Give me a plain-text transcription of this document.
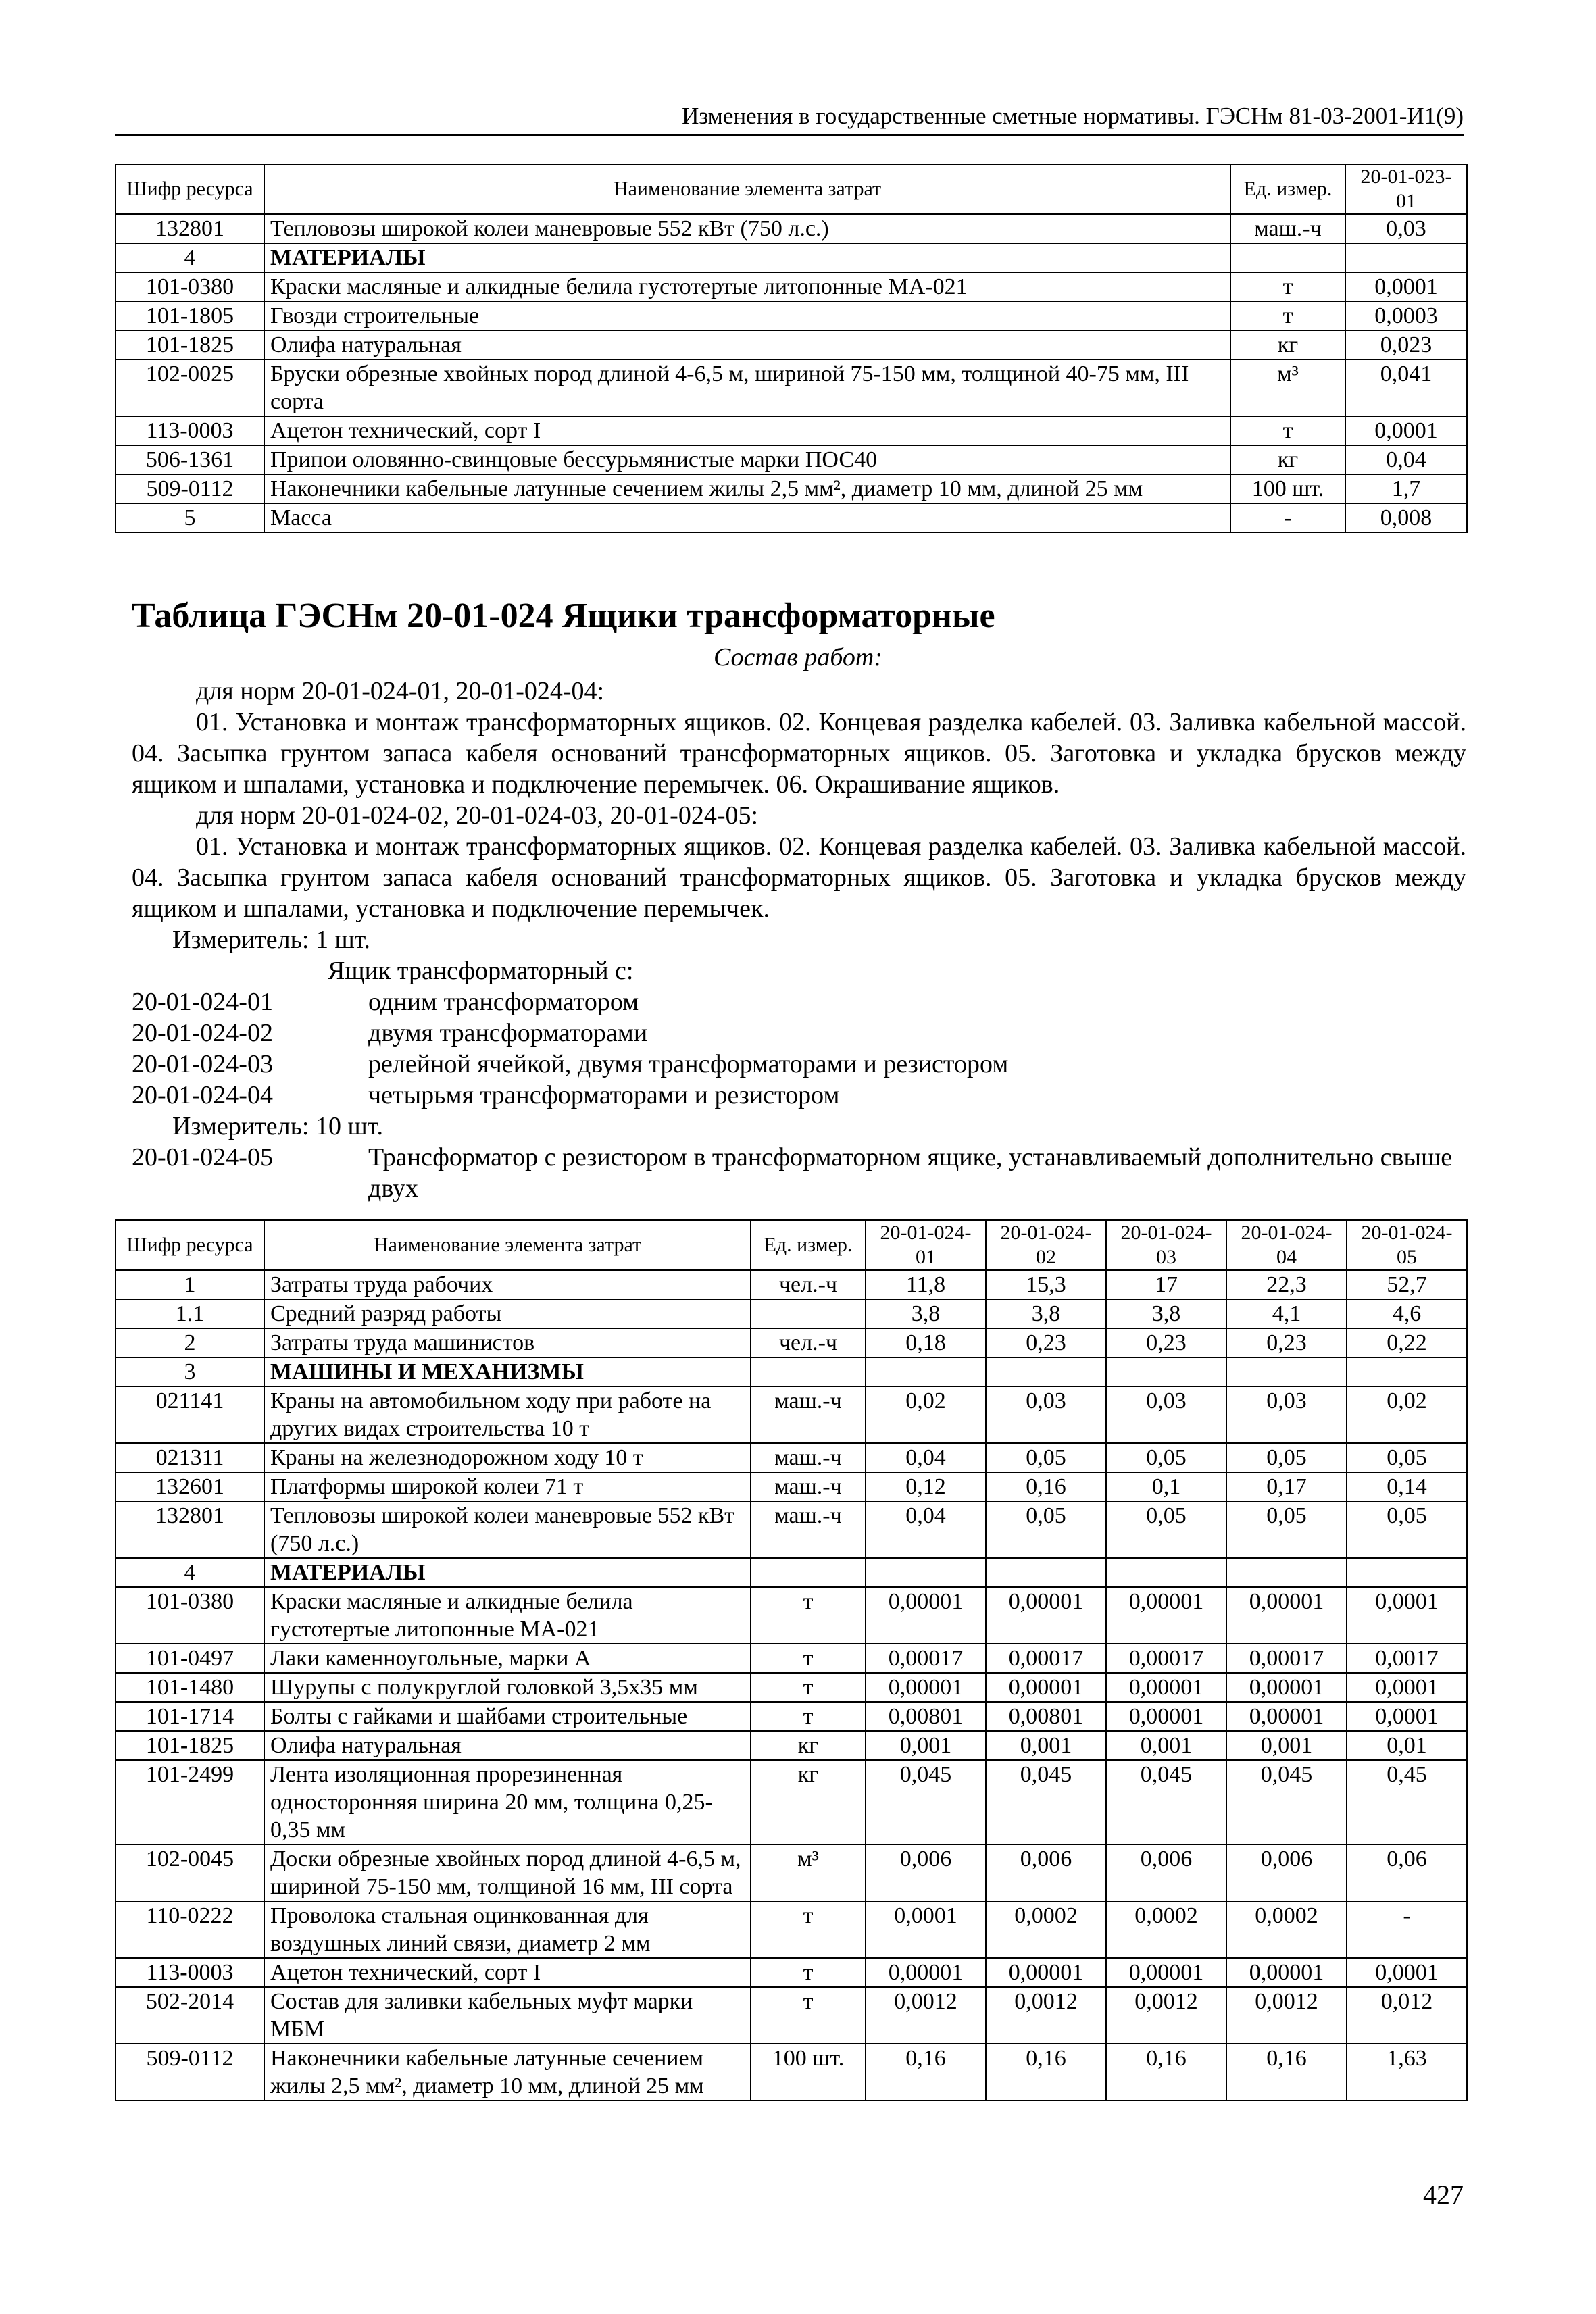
Изменения в государственные сметные нормативы. ГЭСНм 81-03-2001-И1(9)
Шифр ресурса	Наименование элемента затрат	Ед. измер.	20-01-023-01
132801	Тепловозы широкой колеи маневровые 552 кВт (750 л.с.)	маш.-ч	0,03
4	МАТЕРИАЛЫ		
101-0380	Краски масляные и алкидные белила густотертые литопонные МА-021	т	0,0001
101-1805	Гвозди строительные	т	0,0003
101-1825	Олифа натуральная	кг	0,023
102-0025	Бруски обрезные хвойных пород длиной 4-6,5 м, шириной 75-150 мм, толщиной 40-75 мм, III сорта	м³	0,041
113-0003	Ацетон технический, сорт I	т	0,0001
506-1361	Припои оловянно-свинцовые бессурьмянистые марки ПОС40	кг	0,04
509-0112	Наконечники кабельные латунные сечением жилы 2,5 мм², диаметр 10 мм, длиной 25 мм	100 шт.	1,7
5	Масса	-	0,008
Таблица ГЭСНм 20-01-024 Ящики трансформаторные
Состав работ:

для норм 20-01-024-01, 20-01-024-04:

01. Установка и монтаж трансформаторных ящиков. 02. Концевая разделка кабелей. 03. Заливка кабельной массой. 04. Засыпка грунтом запаса кабеля оснований трансформаторных ящиков. 05. Заготовка и укладка брусков между ящиком и шпалами, установка и подключение перемычек. 06. Окрашивание ящиков.

для норм 20-01-024-02, 20-01-024-03, 20-01-024-05:

01. Установка и монтаж трансформаторных ящиков. 02. Концевая разделка кабелей. 03. Заливка кабельной массой. 04. Засыпка грунтом запаса кабеля оснований трансформаторных ящиков. 05. Заготовка и укладка брусков между ящиком и шпалами, установка и подключение перемычек.

Измеритель: 1 шт.

Ящик трансформаторный с:

20-01-024-01	одним трансформатором
20-01-024-02	двумя трансформаторами
20-01-024-03	релейной ячейкой, двумя трансформаторами и резистором
20-01-024-04	четырьмя трансформаторами и резистором

Измеритель: 10 шт.

20-01-024-05	Трансформатор с резистором в трансформаторном ящике, устанавливаемый дополнительно свыше двух
Шифр ресурса	Наименование элемента затрат	Ед. измер.	20-01-024-01	20-01-024-02	20-01-024-03	20-01-024-04	20-01-024-05
1	Затраты труда рабочих	чел.-ч	11,8	15,3	17	22,3	52,7
1.1	Средний разряд работы		3,8	3,8	3,8	4,1	4,6
2	Затраты труда машинистов	чел.-ч	0,18	0,23	0,23	0,23	0,22
3	МАШИНЫ И МЕХАНИЗМЫ						
021141	Краны на автомобильном ходу при работе на других видах строительства 10 т	маш.-ч	0,02	0,03	0,03	0,03	0,02
021311	Краны на железнодорожном ходу 10 т	маш.-ч	0,04	0,05	0,05	0,05	0,05
132601	Платформы широкой колеи 71 т	маш.-ч	0,12	0,16	0,1	0,17	0,14
132801	Тепловозы широкой колеи маневровые 552 кВт (750 л.с.)	маш.-ч	0,04	0,05	0,05	0,05	0,05
4	МАТЕРИАЛЫ						
101-0380	Краски масляные и алкидные белила густотертые литопонные МА-021	т	0,00001	0,00001	0,00001	0,00001	0,0001
101-0497	Лаки каменноугольные, марки А	т	0,00017	0,00017	0,00017	0,00017	0,0017
101-1480	Шурупы с полукруглой головкой 3,5х35 мм	т	0,00001	0,00001	0,00001	0,00001	0,0001
101-1714	Болты с гайками и шайбами строительные	т	0,00801	0,00801	0,00001	0,00001	0,0001
101-1825	Олифа натуральная	кг	0,001	0,001	0,001	0,001	0,01
101-2499	Лента изоляционная прорезиненная односторонняя ширина 20 мм, толщина 0,25-0,35 мм	кг	0,045	0,045	0,045	0,045	0,45
102-0045	Доски обрезные хвойных пород длиной 4-6,5 м, шириной 75-150 мм, толщиной 16 мм, III сорта	м³	0,006	0,006	0,006	0,006	0,06
110-0222	Проволока стальная оцинкованная для воздушных линий связи, диаметр 2 мм	т	0,0001	0,0002	0,0002	0,0002	-
113-0003	Ацетон технический, сорт I	т	0,00001	0,00001	0,00001	0,00001	0,0001
502-2014	Состав для заливки кабельных муфт марки МБМ	т	0,0012	0,0012	0,0012	0,0012	0,012
509-0112	Наконечники кабельные латунные сечением жилы 2,5 мм², диаметр 10 мм, длиной 25 мм	100 шт.	0,16	0,16	0,16	0,16	1,63
427
